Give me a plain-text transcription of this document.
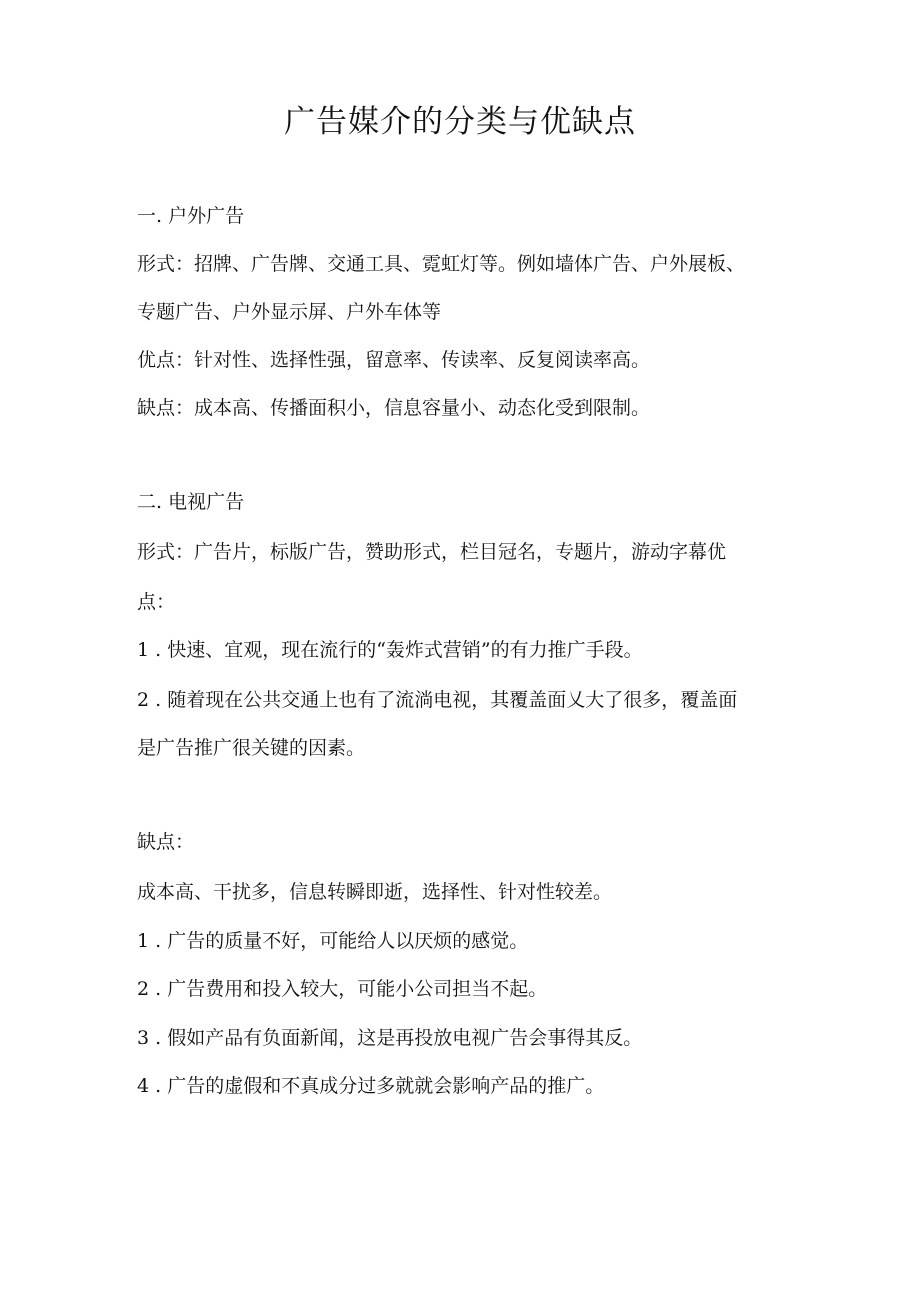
广告媒介的分类与优缺点

一. 户外广告

形式：招牌、广告牌、交通工具、霓虹灯等。例如墙体广告、户外展板、

专题广告、户外显示屏、户外车体等

优点：针对性、选择性强，留意率、传读率、反复阅读率高。

缺点：成本高、传播面积小，信息容量小、动态化受到限制。

二. 电视广告

形式：广告片，标版广告，赞助形式，栏目冠名，专题片，游动字幕优

点：

1 . 快速、宜观，现在流行的“轰炸式营销”的有力推广手段。

2 . 随着现在公共交通上也有了流淌电视，其覆盖面乂大了很多，覆盖面

是广告推广很关键的因素。

缺点：

成本高、干扰多，信息转瞬即逝，选择性、针对性较差。

1 . 广告的质量不好，可能给人以厌烦的感觉。

2 . 广告费用和投入较大，可能小公司担当不起。

3 . 假如产品有负面新闻，这是再投放电视广告会事得其反。

4 . 广告的虚假和不真成分过多就就会影响产品的推广。
